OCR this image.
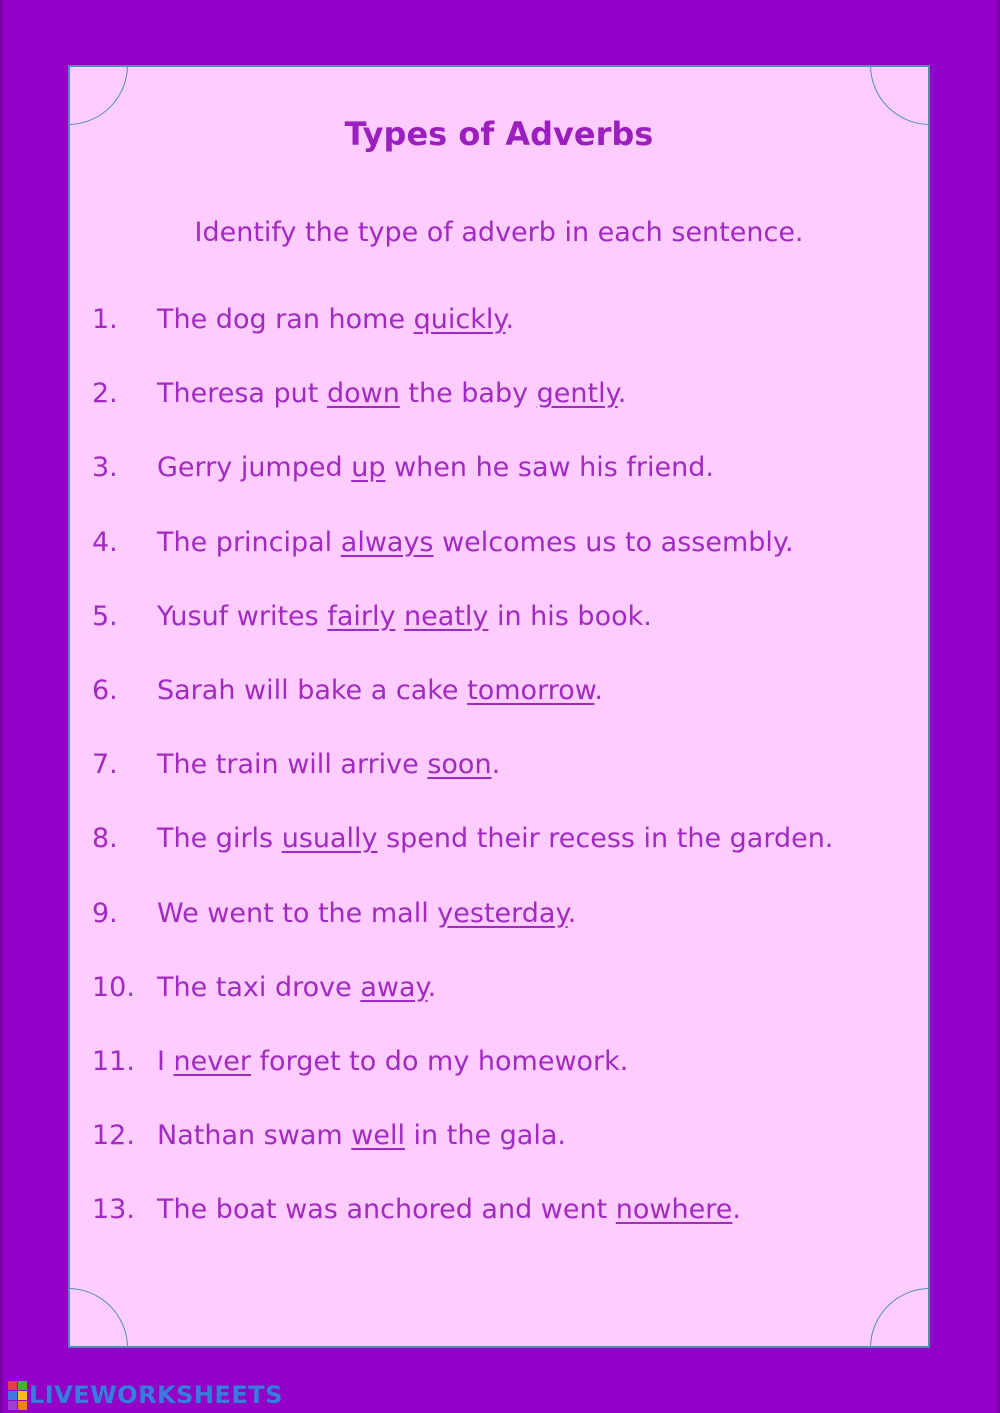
Types of Adverbs
Identify the type of adverb in each sentence.
1. The dog ran home quickly.
2. Theresa put down the baby gently.
3. Gerry jumped up when he saw his friend.
4. The principal always welcomes us to assembly.
5. Yusuf writes fairly neatly in his book.
6. Sarah will bake a cake tomorrow.
7. The train will arrive soon.
8. The girls usually spend their recess in the garden.
9. We went to the mall yesterday.
10. The taxi drove away.
11. I never forget to do my homework.
12. Nathan swam well in the gala.
13. The boat was anchored and went nowhere.
LIVEWORKSHEETS
